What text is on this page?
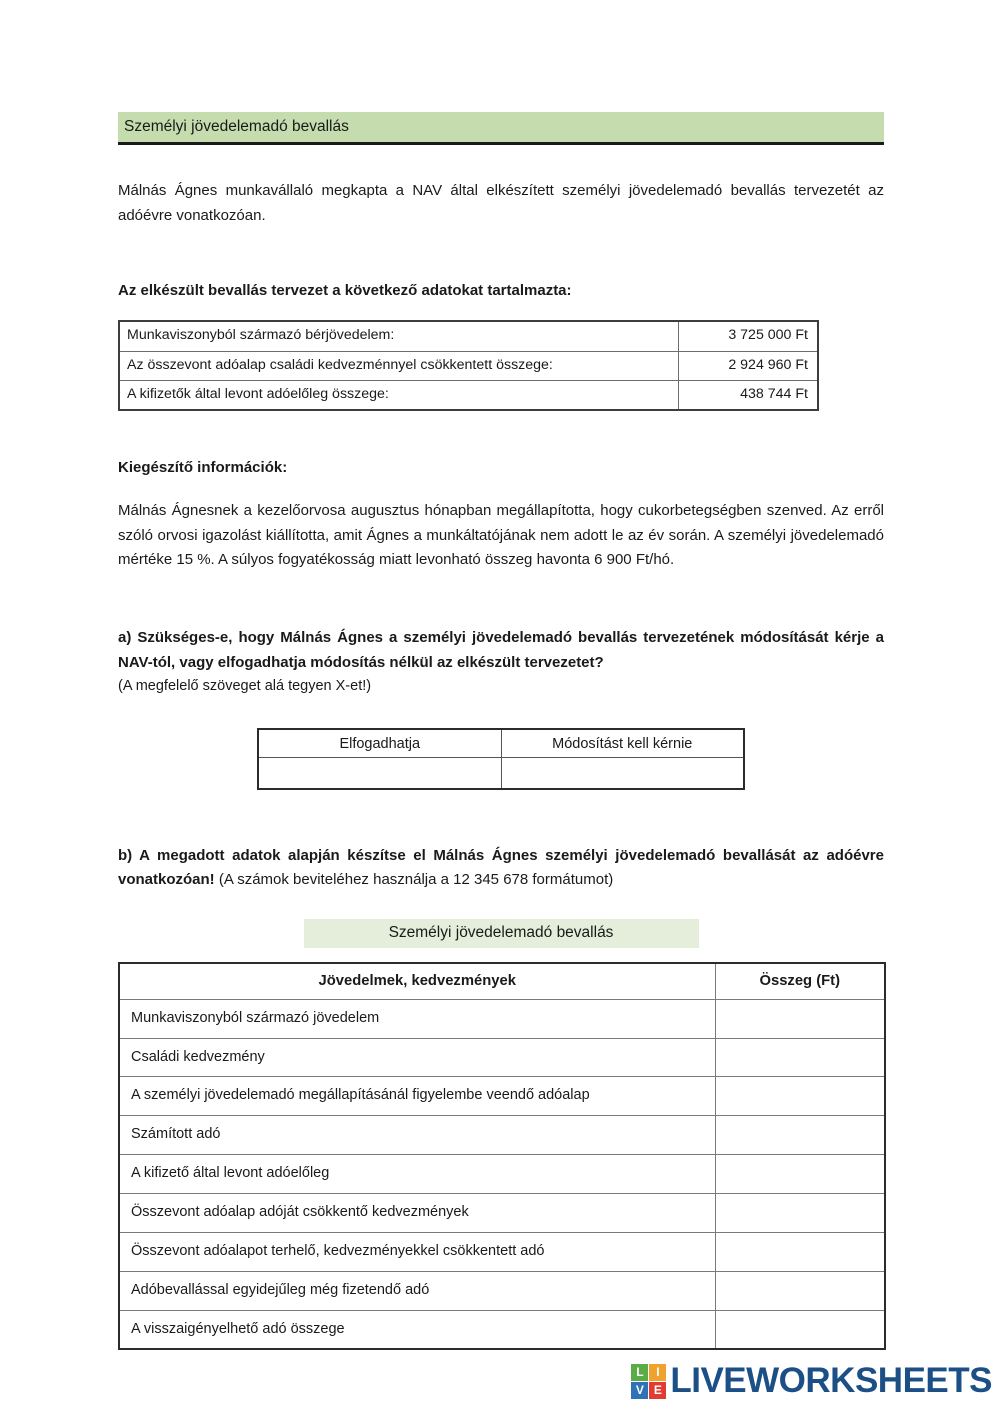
Személyi jövedelemadó bevallás

Málnás Ágnes munkavállaló megkapta a NAV által elkészített személyi jövedelemadó bevallás tervezetét az adóévre vonatkozóan.

Az elkészült bevallás tervezet a következő adatokat tartalmazta:
Munkaviszonyból származó bérjövedelem:	3 725 000 Ft
Az összevont adóalap családi kedvezménnyel csökkentett összege:	2 924 960 Ft
A kifizetők által levont adóelőleg összege:	438 744 Ft
Kiegészítő információk:

Málnás Ágnesnek a kezelőorvosa augusztus hónapban megállapította, hogy cukorbetegségben szenved. Az erről szóló orvosi igazolást kiállította, amit Ágnes a munkáltatójának nem adott le az év során. A személyi jövedelemadó mértéke 15 %. A súlyos fogyatékosság miatt levonható összeg havonta 6 900 Ft/hó.

a) Szükséges-e, hogy Málnás Ágnes a személyi jövedelemadó bevallás tervezetének módosítását kérje a NAV-tól, vagy elfogadhatja módosítás nélkül az elkészült tervezetet?

(A megfelelő szöveget alá tegyen X-et!)

Elfogadhatja	Módosítást kell kérnie

b) A megadott adatok alapján készítse el Málnás Ágnes személyi jövedelemadó bevallását az adóévre vonatkozóan! (A számok beviteléhez használja a 12 345 678 formátumot)

Személyi jövedelemadó bevallás
Jövedelmek, kedvezmények	Összeg (Ft)
Munkaviszonyból származó jövedelem	
Családi kedvezmény	
A személyi jövedelemadó megállapításánál figyelembe veendő adóalap	
Számított adó	
A kifizető által levont adóelőleg	
Összevont adóalap adóját csökkentő kedvezmények	
Összevont adóalapot terhelő, kedvezményekkel csökkentett adó	
Adóbevallással egyidejűleg még fizetendő adó	
A visszaigényelhető adó összege	
L	I
V E LIVEWORKSHEETS
